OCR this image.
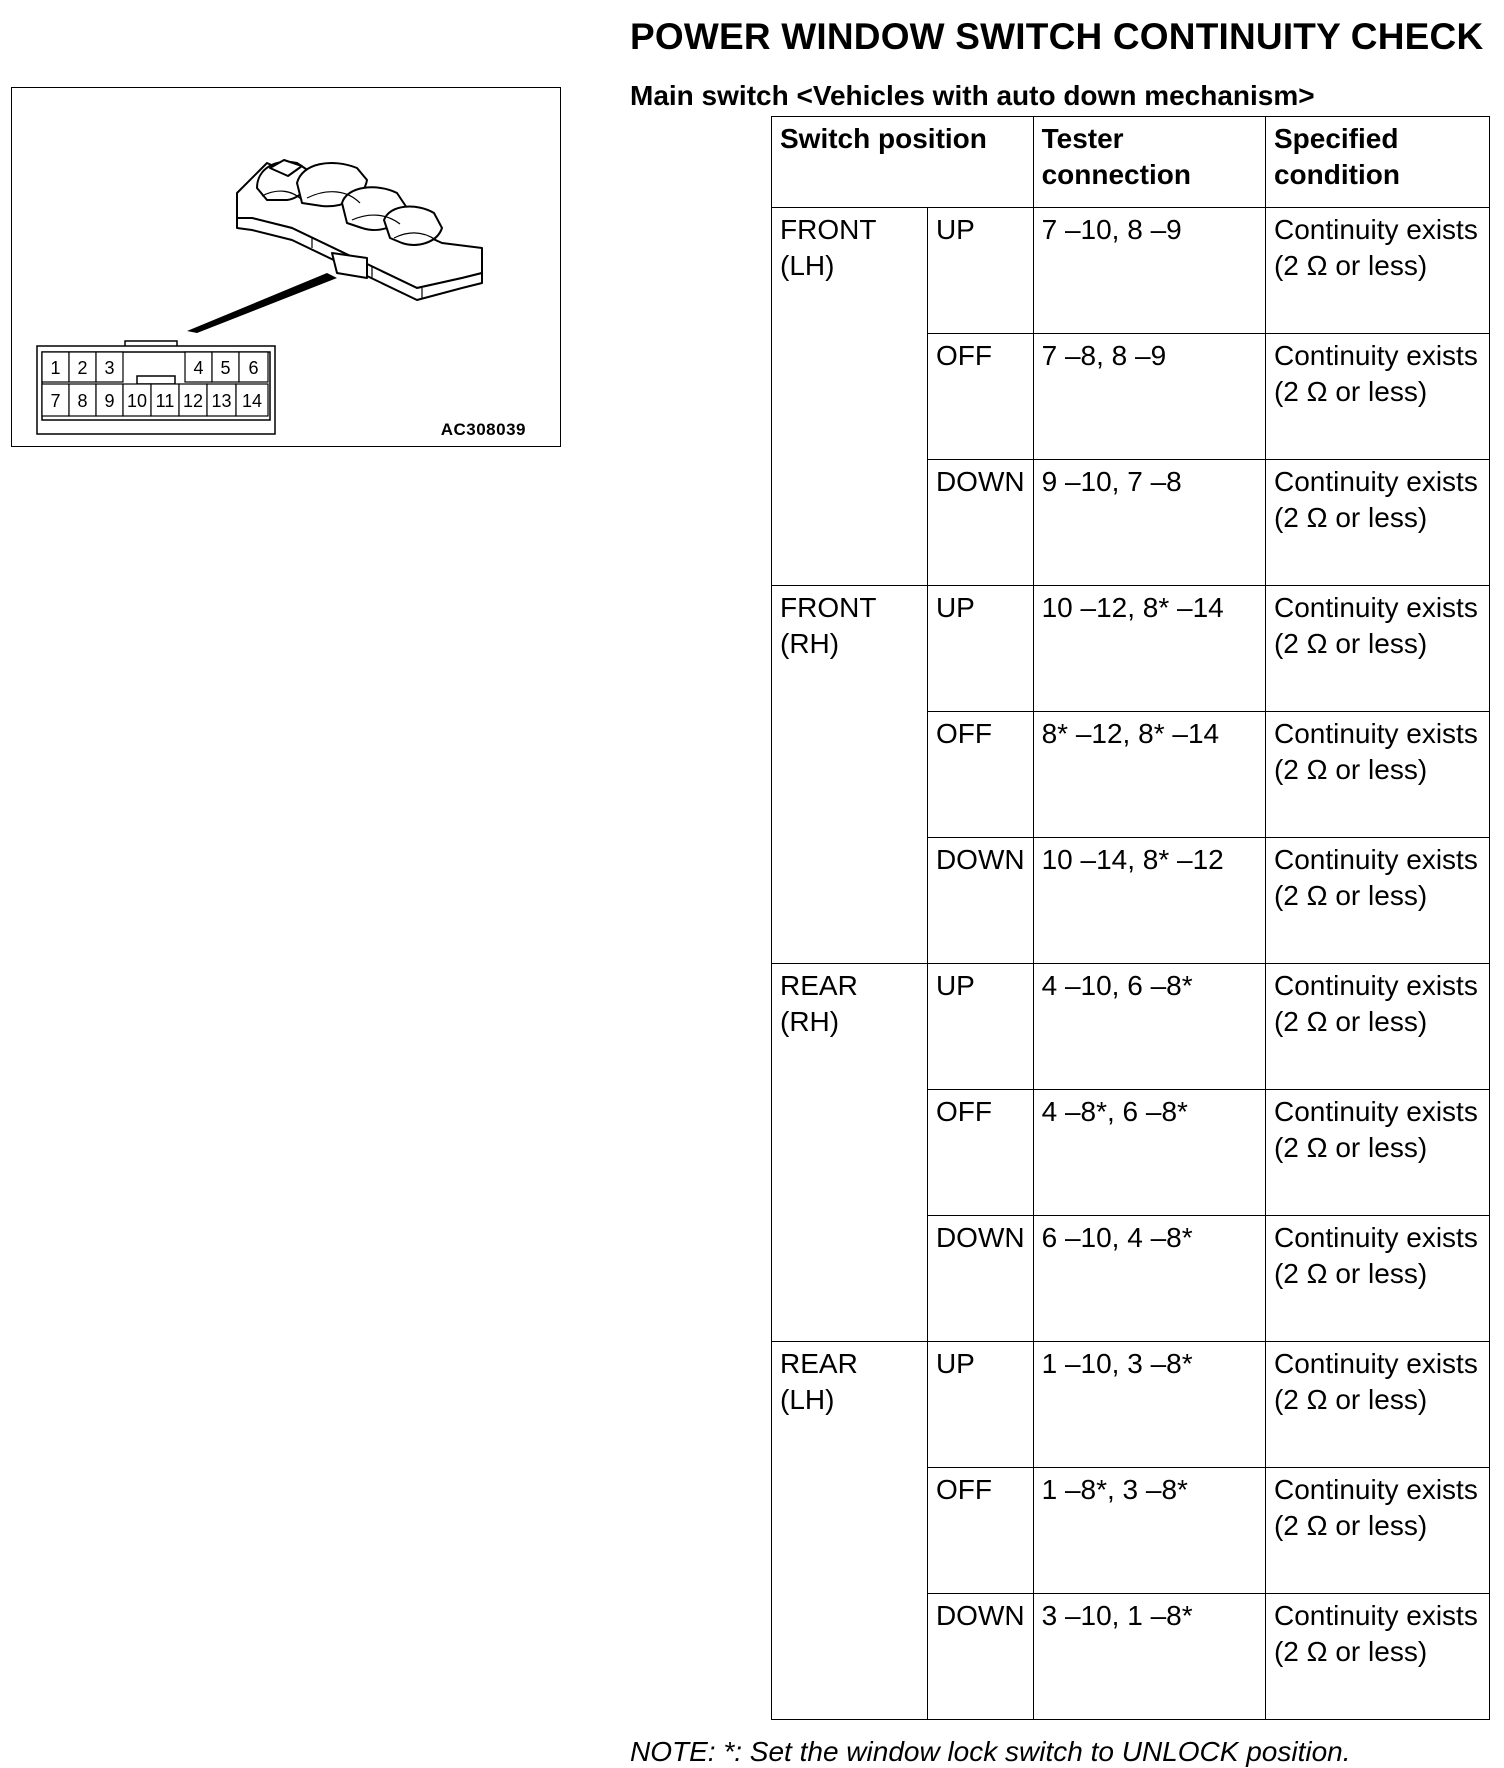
1 2 3	4 5 6
7 8 9 10 11 12 13 14
AC308039
POWER WINDOW SWITCH CONTINUITY CHECK
Main switch <Vehicles with auto down mechanism>
Switch position		Tester connection	Specified condition
FRONT (LH)	UP	7 –10, 8 –9	Continuity exists (2 Ω or less)
	OFF	7 –8, 8 –9	Continuity exists (2 Ω or less)
	DOWN	9 –10, 7 –8	Continuity exists (2 Ω or less)
FRONT (RH)	UP	10 –12, 8* –14	Continuity exists (2 Ω or less)
	OFF	8* –12, 8* –14	Continuity exists (2 Ω or less)
	DOWN	10 –14, 8* –12	Continuity exists (2 Ω or less)
REAR (RH)	UP	4 –10, 6 –8*	Continuity exists (2 Ω or less)
	OFF	4 –8*, 6 –8*	Continuity exists (2 Ω or less)
	DOWN	6 –10, 4 –8*	Continuity exists (2 Ω or less)
REAR (LH)	UP	1 –10, 3 –8*	Continuity exists (2 Ω or less)
	OFF	1 –8*, 3 –8*	Continuity exists (2 Ω or less)
	DOWN	3 –10, 1 –8*	Continuity exists (2 Ω or less)
NOTE: *: Set the window lock switch to UNLOCK position.
